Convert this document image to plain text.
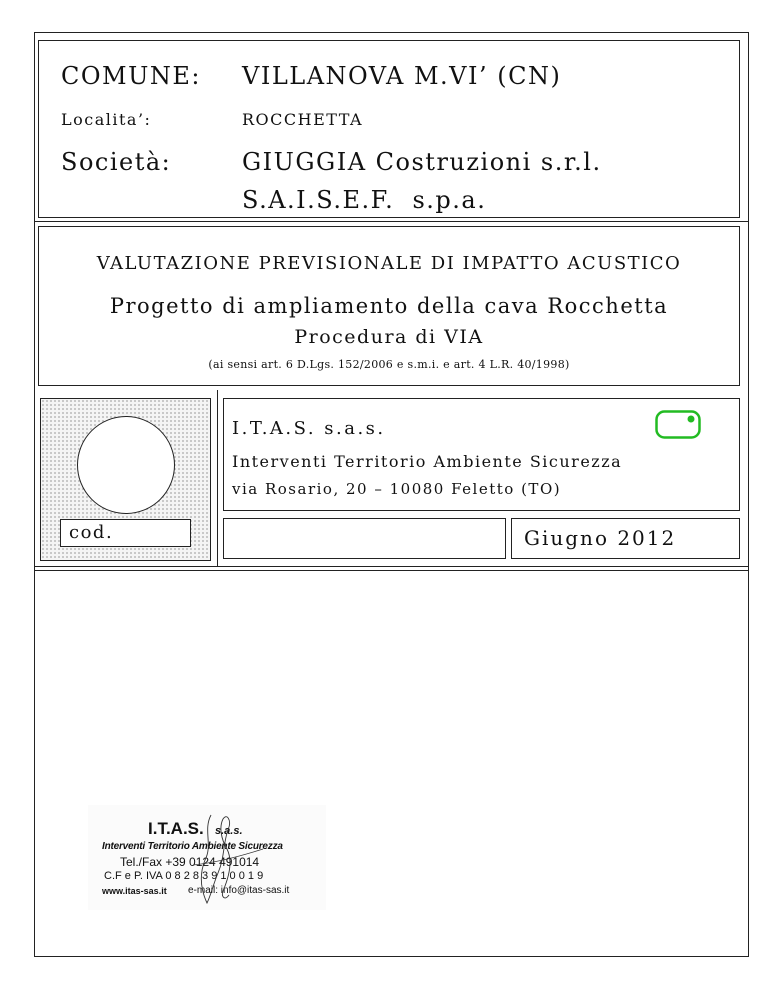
COMUNE: VILLANOVA M.VI’ (CN)
Localita’:	ROCCHETTA
Società:	GIUGGIA Costruzioni s.r.l.
S.A.I.S.E.F.  s.p.a.
VALUTAZIONE PREVISIONALE DI IMPATTO ACUSTICO
Progetto di ampliamento della cava Rocchetta
Procedura di VIA
(ai sensi art. 6 D.Lgs. 152/2006 e s.m.i. e art. 4 L.R. 40/1998)
cod.
I.T.A.S. s.a.s.
Interventi Territorio Ambiente Sicurezza
via Rosario, 20 – 10080 Feletto (TO)
Giugno 2012
I.T.A.S. s.a.s.
Interventi Territorio Ambiente Sicurezza
Tel./Fax +39 0124 491014
C.F e P. IVA 0 8 2 8 3 9 1 0 0 1 9
www.itas-sas.it e-mail: info@itas-sas.it
